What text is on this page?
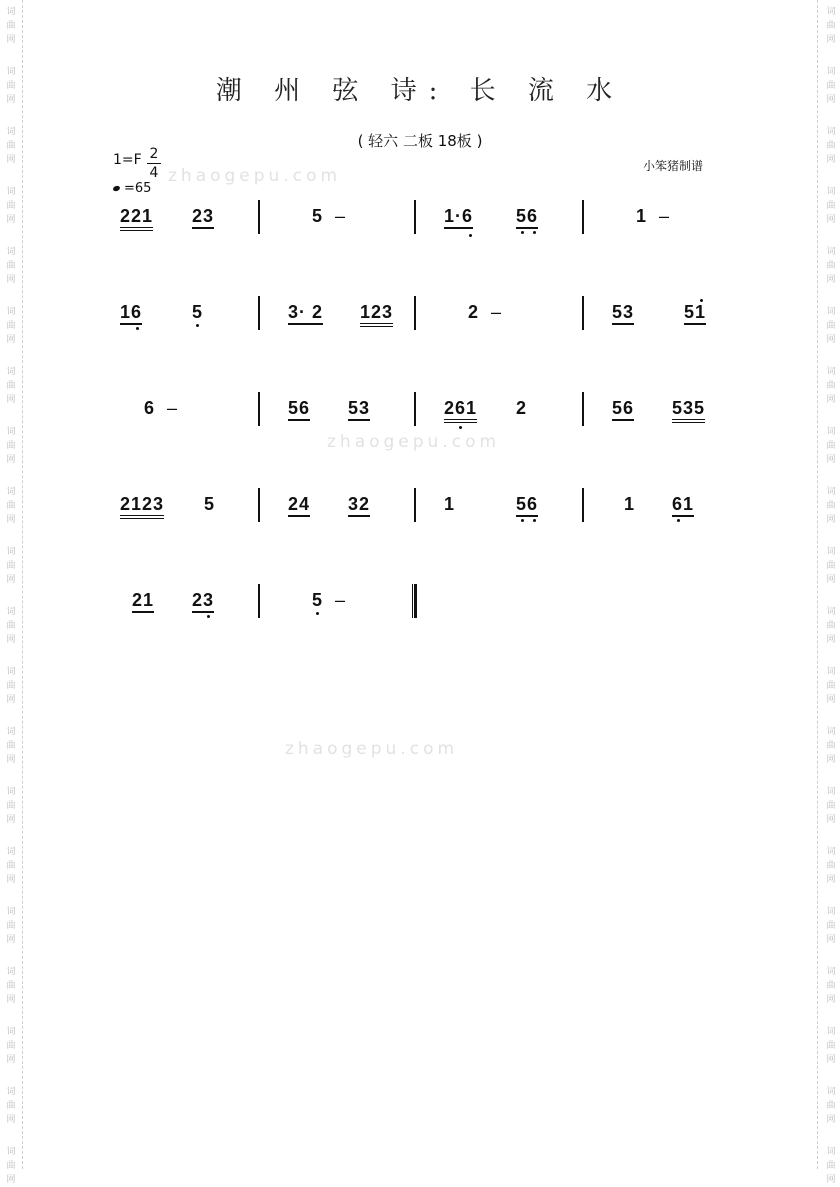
词
曲
网
词
曲
网
词
曲
网
词
曲
网
词
曲
网
词
曲
网
词
曲
网
词
曲
网
词
曲
网
词
曲
网
词
曲
网
词
曲
网
词
曲
网
词
曲
网
词
曲
网
词
曲
网
词
曲
网
词
曲
网
词
曲
网
词
曲
网
词
曲
网
词
曲
网
词
曲
网
词
曲
网
词
曲
网
词
曲
网
词
曲
网
词
曲
网
词
曲
网
词
曲
网
词
曲
网
词
曲
网
词
曲
网
词
曲
网
词
曲
网
词
曲
网
词
曲
网
词
曲
网
词
曲
网
词
曲
网
潮 州 弦 诗: 长 流 水
( 轻六 二板 18板 )
$1=F \frac{2}{4}$
=65
小笨猪制谱
zhaogepu.com
zhaogepu.com
zhaogepu.com
221 23	5 –	1·6 56	1 –
16	5	3· 2 123	2 –	53	51
6 –	56 53	261 2	56 535
2123 5	24 32	1	56	1 61
21 23	5 –
